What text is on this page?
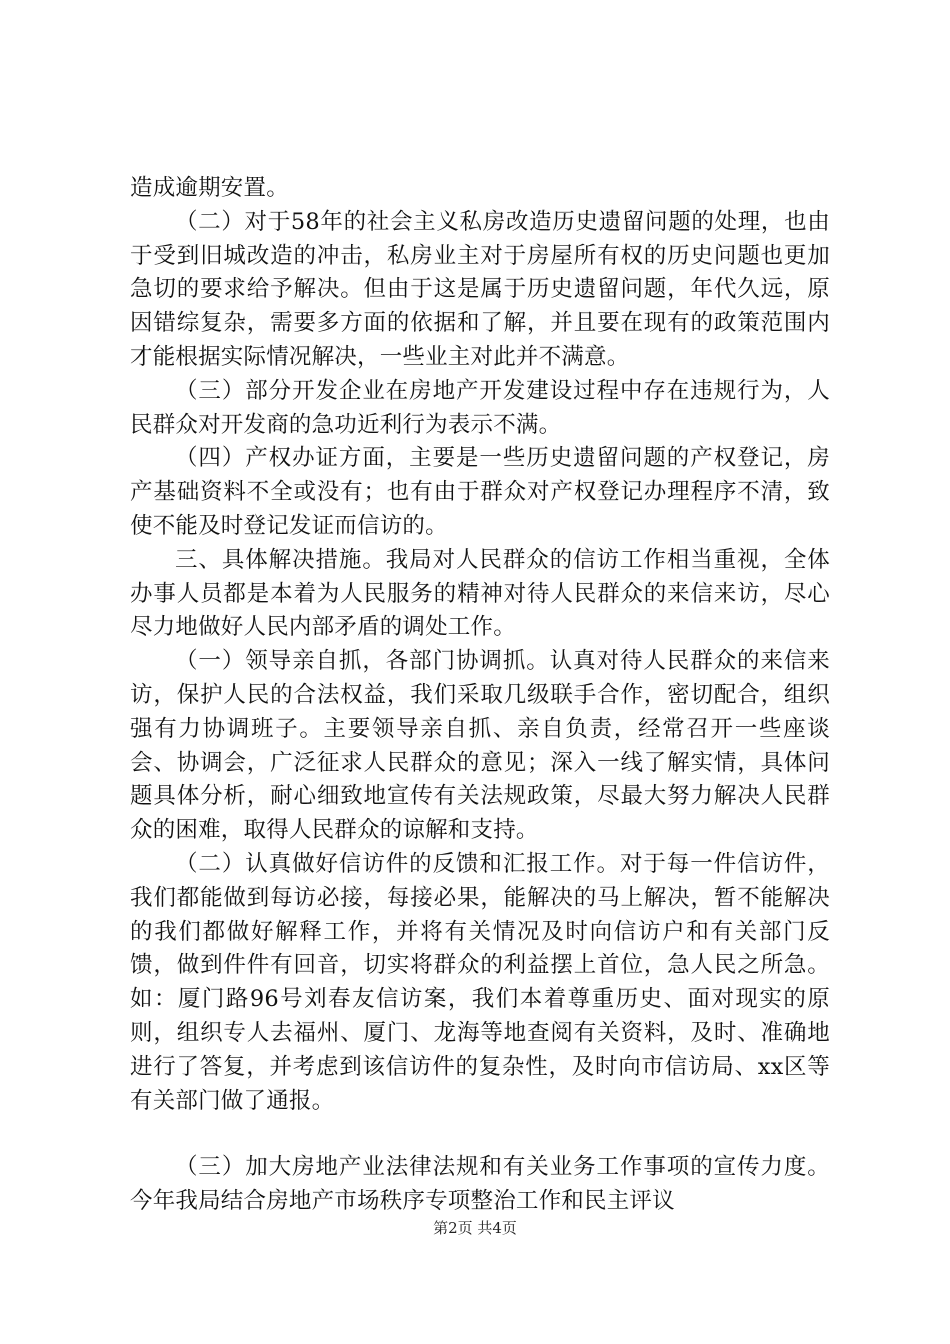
造成逾期安置。

（二）对于58年的社会主义私房改造历史遗留问题的处理，也由于受到旧城改造的冲击，私房业主对于房屋所有权的历史问题也更加急切的要求给予解决。但由于这是属于历史遗留问题，年代久远，原因错综复杂，需要多方面的依据和了解，并且要在现有的政策范围内才能根据实际情况解决，一些业主对此并不满意。

（三）部分开发企业在房地产开发建设过程中存在违规行为，人民群众对开发商的急功近利行为表示不满。

（四）产权办证方面，主要是一些历史遗留问题的产权登记，房产基础资料不全或没有；也有由于群众对产权登记办理程序不清，致使不能及时登记发证而信访的。

三、具体解决措施。我局对人民群众的信访工作相当重视，全体办事人员都是本着为人民服务的精神对待人民群众的来信来访，尽心尽力地做好人民内部矛盾的调处工作。

（一）领导亲自抓，各部门协调抓。认真对待人民群众的来信来访，保护人民的合法权益，我们采取几级联手合作，密切配合，组织强有力协调班子。主要领导亲自抓、亲自负责，经常召开一些座谈会、协调会，广泛征求人民群众的意见；深入一线了解实情，具体问题具体分析，耐心细致地宣传有关法规政策，尽最大努力解决人民群众的困难，取得人民群众的谅解和支持。

（二）认真做好信访件的反馈和汇报工作。对于每一件信访件，我们都能做到每访必接，每接必果，能解决的马上解决，暂不能解决的我们都做好解释工作，并将有关情况及时向信访户和有关部门反馈，做到件件有回音，切实将群众的利益摆上首位，急人民之所急。如：厦门路96号刘春友信访案，我们本着尊重历史、面对现实的原则，组织专人去福州、厦门、龙海等地查阅有关资料，及时、准确地进行了答复，并考虑到该信访件的复杂性，及时向市信访局、xx区等有关部门做了通报。

（三）加大房地产业法律法规和有关业务工作事项的宣传力度。今年我局结合房地产市场秩序专项整治工作和民主评议

第2页 共4页
